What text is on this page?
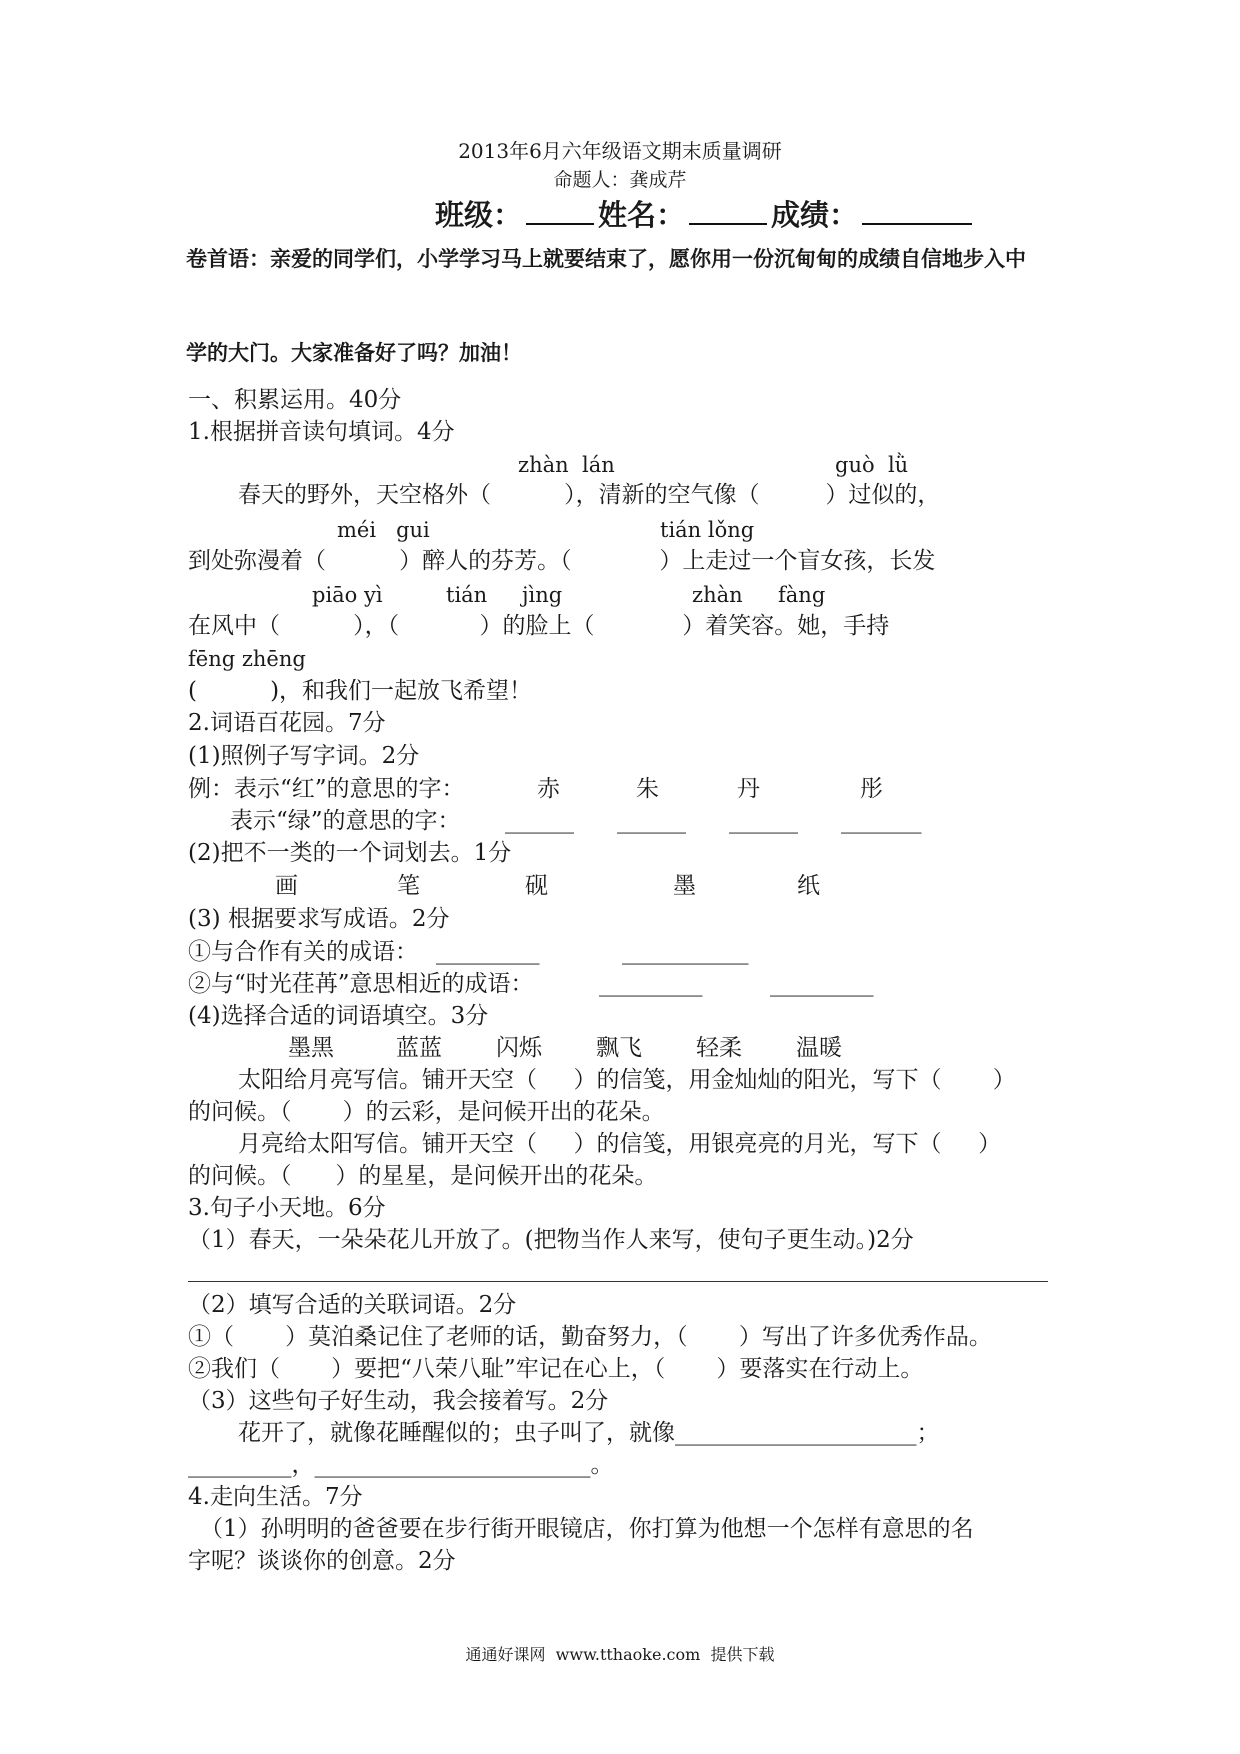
2013年6月六年级语文期末质量调研
命题人：龚成芹
班级：	姓名：	成绩：
卷首语：亲爱的同学们，小学学习马上就要结束了，愿你用一份沉甸甸的成绩自信地步入中
学的大门。大家准备好了吗？加油！
一、积累运用。40分
1.根据拼音读句填词。4分
zhàn  lán	guò  lǜ
春天的野外，天空格外（          ），清新的空气像（         ）过似的，
méi   gui	tián lǒng
到处弥漫着（          ）醉人的芬芳。（            ）上走过一个盲女孩，长发
piāo yì	tián jìng	zhàn fàng
在风中（          ），（           ）的脸上（            ）着笑容。她，手持
fēng zhēng
(          )，和我们一起放飞希望！
2.词语百花园。7分
(1)照例子写字词。2分
例：表示“红”的意思的字：	赤	朱	丹	彤
表示“绿”的意思的字： ______ ______ ______ _______
(2)把不一类的一个词划去。1分
画	笔	砚	墨	纸
(3) 根据要求写成语。2分
①与合作有关的成语： _________	___________
②与“时光荏苒”意思相近的成语：	_________	_________
(4)选择合适的词语填空。3分
墨黑	蓝蓝 闪烁 飘飞 轻柔 温暖
太阳给月亮写信。铺开天空（     ）的信笺，用金灿灿的阳光，写下（       ）
的问候。（       ）的云彩，是问候开出的花朵。
月亮给太阳写信。铺开天空（     ）的信笺，用银亮亮的月光，写下（     ）
的问候。（      ）的星星，是问候开出的花朵。
3.句子小天地。6分
（1）春天，一朵朵花儿开放了。(把物当作人来写，使句子更生动。)2分
（2）填写合适的关联词语。2分
①（       ）莫泊桑记住了老师的话，勤奋努力，（       ）写出了许多优秀作品。
②我们（       ）要把“八荣八耻”牢记在心上，（       ）要落实在行动上。
（3）这些句子好生动，我会接着写。2分
花开了，就像花睡醒似的；虫子叫了，就像_____________________；
_________，________________________。
4.走向生活。7分
（1）孙明明的爸爸要在步行街开眼镜店，你打算为他想一个怎样有意思的名
字呢？谈谈你的创意。2分
通通好课网  www.tthaoke.com  提供下载
